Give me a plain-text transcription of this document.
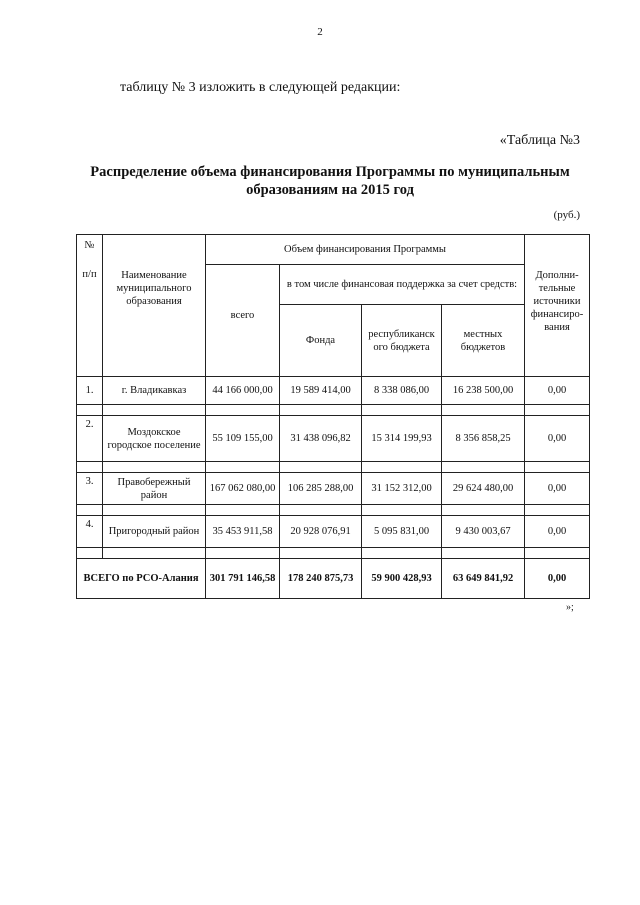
2
таблицу № 3 изложить в следующей редакции:
«Таблица №3
Распределение объема финансирования Программы по муниципальным
образованиям на 2015 год
(руб.)
№
п/п	Наименование муниципального образования	Объем финансирования Программы				Дополни- тельные источники финансиро- вания
		всего	в том числе финансовая поддержка за счет средств:			
			Фонда	республиканск ого бюджета	местных бюджетов	
1.	г. Владикавказ	44 166 000,00	19 589 414,00	8 338 086,00	16 238 500,00	0,00

2.	Моздокское городское поселение	55 109 155,00	31 438 096,82	15 314 199,93	8 356 858,25	0,00

3.	Правобережный район	167 062 080,00	106 285 288,00	31 152 312,00	29 624 480,00	0,00

4.	Пригородный район	35 453 911,58	20 928 076,91	5 095 831,00	9 430 003,67	0,00

ВСЕГО по РСО-Алания		301 791 146,58	178 240 875,73	59 900 428,93	63 649 841,92	0,00
»;
